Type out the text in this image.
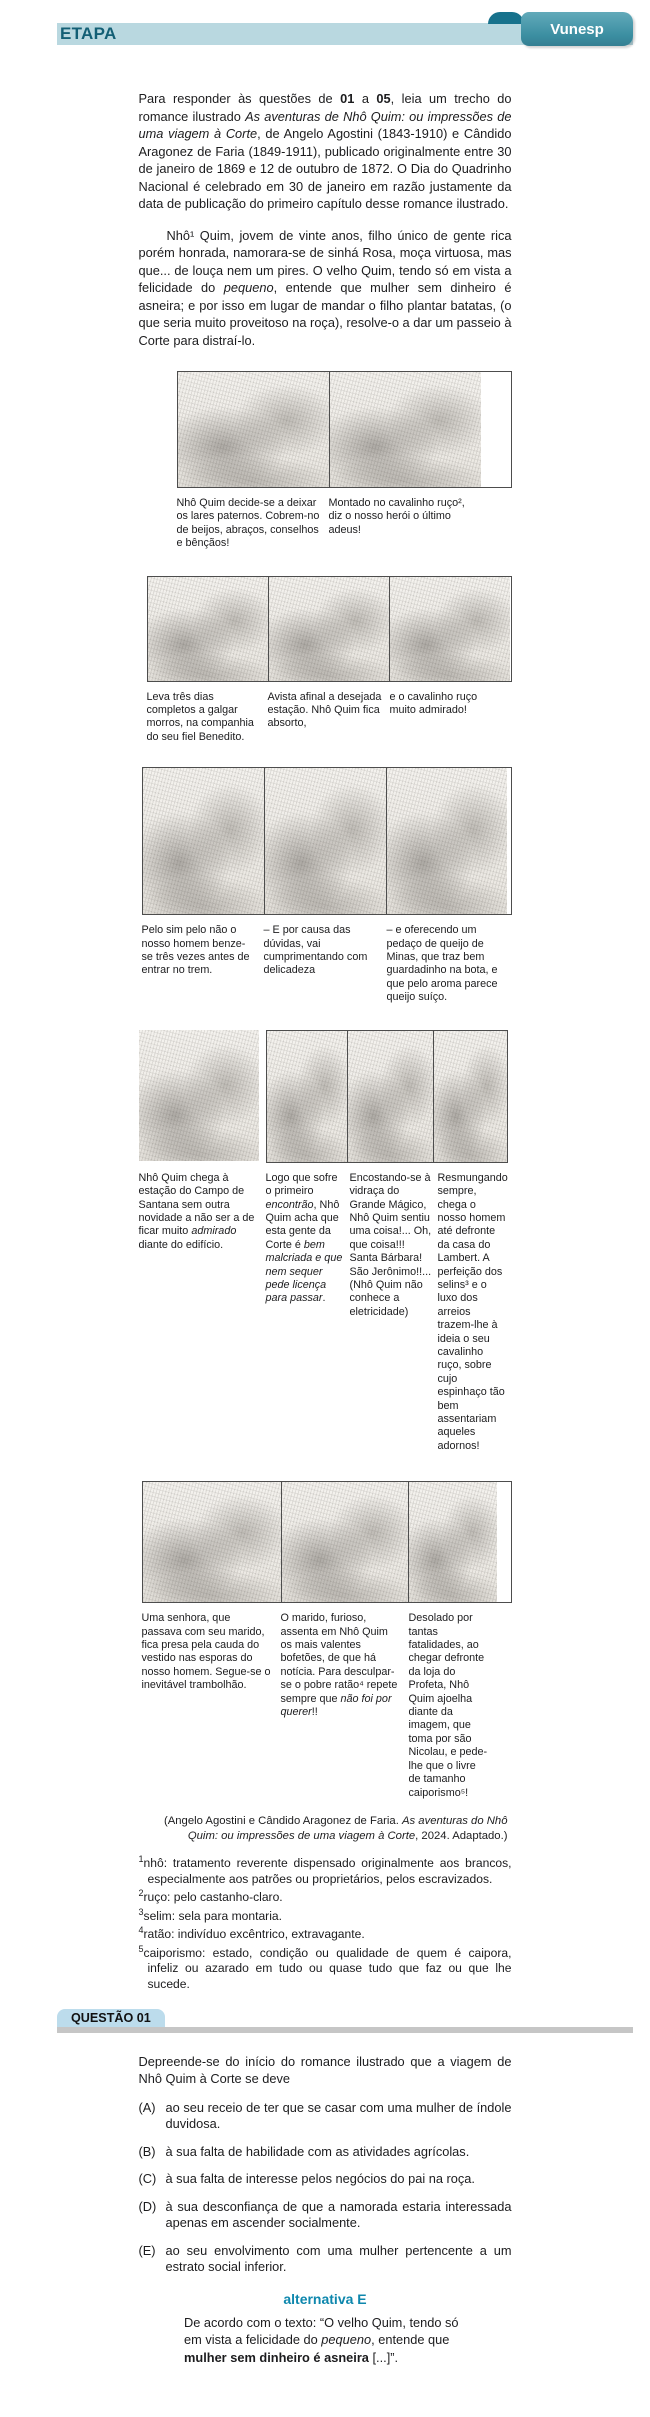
ETAPA	Vunesp

Para responder às questões de 01 a 05, leia um trecho do romance ilustrado As aventuras de Nhô Quim: ou impressões de uma viagem à Corte, de Angelo Agostini (1843-1910) e Cândido Aragonez de Faria (1849-1911), publicado originalmente entre 30 de janeiro de 1869 e 12 de outubro de 1872. O Dia do Quadrinho Nacional é celebrado em 30 de janeiro em razão justamente da data de publicação do primeiro capítulo desse romance ilustrado.

Nhô¹ Quim, jovem de vinte anos, filho único de gente rica porém honrada, namorara-se de sinhá Rosa, moça virtuosa, mas que... de louça nem um pires. O velho Quim, tendo só em vista a felicidade do pequeno, entende que mulher sem dinheiro é asneira; e por isso em lugar de mandar o filho plantar batatas, (o que seria muito proveitoso na roça), resolve-o a dar um passeio à Corte para distraí-lo.

Nhô Quim decide-se a deixar os lares paternos. Cobrem-no de beijos, abraços, conselhos e bênçãos!
Montado no cavalinho ruço², diz o nosso herói o último adeus!
Leva três dias completos a galgar morros, na companhia do seu fiel Benedito.
Avista afinal a desejada estação. Nhô Quim fica absorto,
e o cavalinho ruço muito admirado!
Pelo sim pelo não o nosso homem benze-se três vezes antes de entrar no trem.
– E por causa das dúvidas, vai cumprimentando com delicadeza
– e oferecendo um pedaço de queijo de Minas, que traz bem guardadinho na bota, e que pelo aroma parece queijo suíço.
Nhô Quim chega à estação do Campo de Santana sem outra novidade a não ser a de ficar muito admirado diante do edifício.
Logo que sofre o primeiro encontrão, Nhô Quim acha que esta gente da Corte é bem malcriada e que nem sequer pede licença para passar.
Encostando-se à vidraça do Grande Mágico, Nhô Quim sentiu uma coisa!... Oh, que coisa!!! Santa Bárbara! São Jerônimo!!... (Nhô Quim não conhece a eletricidade)
Resmungando sempre, chega o nosso homem até defronte da casa do Lambert. A perfeição dos selins³ e o luxo dos arreios trazem-lhe à ideia o seu cavalinho ruço, sobre cujo espinhaço tão bem assentariam aqueles adornos!
Uma senhora, que passava com seu marido, fica presa pela cauda do vestido nas esporas do nosso homem. Segue-se o inevitável trambolhão.
O marido, furioso, assenta em Nhô Quim os mais valentes bofetões, de que há notícia. Para desculpar-se o pobre ratão⁴ repete sempre que não foi por querer!!
Desolado por tantas fatalidades, ao chegar defronte da loja do Profeta, Nhô Quim ajoelha diante da imagem, que toma por são Nicolau, e pede-lhe que o livre de tamanho caiporismo⁵!

(Angelo Agostini e Cândido Aragonez de Faria. As aventuras do Nhô Quim: ou impressões de uma viagem à Corte, 2024. Adaptado.)

$^1$nhô: tratamento reverente dispensado originalmente aos brancos, especialmente aos patrões ou proprietários, pelos escravizados.
$^2$ruço: pelo castanho-claro.
$^3$selim: sela para montaria.
$^4$ratão: indivíduo excêntrico, extravagante.
$^5$caiporismo: estado, condição ou qualidade de quem é caipora, infeliz ou azarado em tudo ou quase tudo que faz ou que lhe sucede.
QUESTÃO 01

Depreende-se do início do romance ilustrado que a viagem de Nhô Quim à Corte se deve

(A) ao seu receio de ter que se casar com uma mulher de índole duvidosa.
(B) à sua falta de habilidade com as atividades agrícolas.
(C) à sua falta de interesse pelos negócios do pai na roça.
(D) à sua desconfiança de que a namorada estaria interessada apenas em ascender socialmente.
(E) ao seu envolvimento com uma mulher pertencente a um estrato social inferior.
alternativa E

De acordo com o texto: “O velho Quim, tendo só em vista a felicidade do pequeno, entende que mulher sem dinheiro é asneira [...]”.
